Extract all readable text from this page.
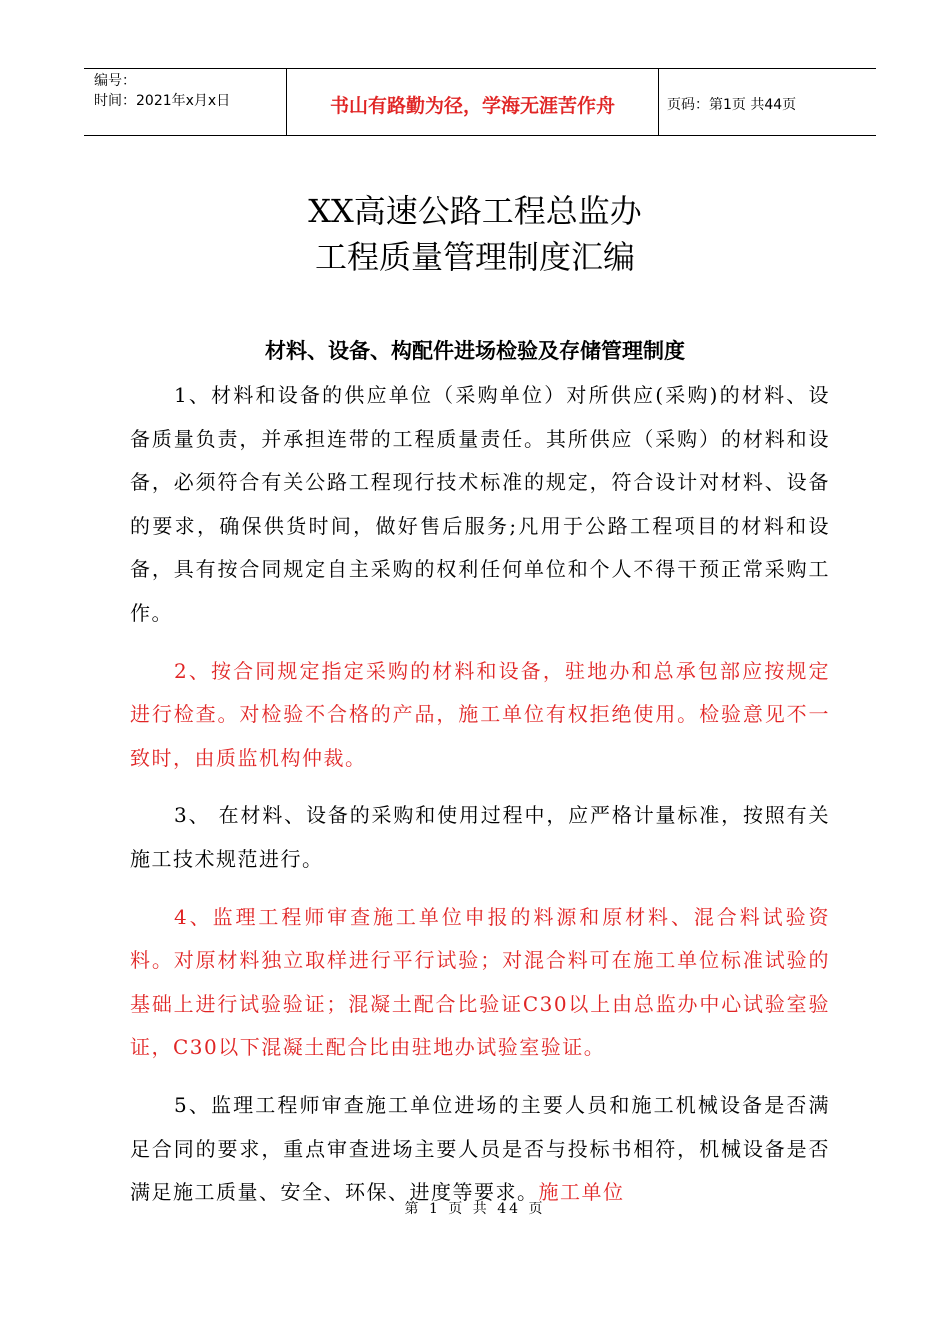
编号：
时间：2021年x月x日	书山有路勤为径，学海无涯苦作舟	页码：第1页 共44页
XX高速公路工程总监办
工程质量管理制度汇编
材料、设备、构配件进场检验及存储管理制度

1、材料和设备的供应单位（采购单位）对所供应(采购)的材料、设备质量负责，并承担连带的工程质量责任。其所供应（采购）的材料和设备，必须符合有关公路工程现行技术标准的规定，符合设计对材料、设备的要求，确保供货时间，做好售后服务;凡用于公路工程项目的材料和设备，具有按合同规定自主采购的权利任何单位和个人不得干预正常采购工作。

2、按合同规定指定采购的材料和设备，驻地办和总承包部应按规定进行检查。对检验不合格的产品，施工单位有权拒绝使用。检验意见不一致时，由质监机构仲裁。

3、 在材料、设备的采购和使用过程中，应严格计量标准，按照有关施工技术规范进行。

4、监理工程师审查施工单位申报的料源和原材料、混合料试验资料。对原材料独立取样进行平行试验；对混合料可在施工单位标准试验的基础上进行试验验证；混凝土配合比验证C30以上由总监办中心试验室验证，C30以下混凝土配合比由驻地办试验室验证。

5、监理工程师审查施工单位进场的主要人员和施工机械设备是否满足合同的要求，重点审查进场主要人员是否与投标书相符，机械设备是否满足施工质量、安全、环保、进度等要求。施工单位

第 1 页 共 44 页
